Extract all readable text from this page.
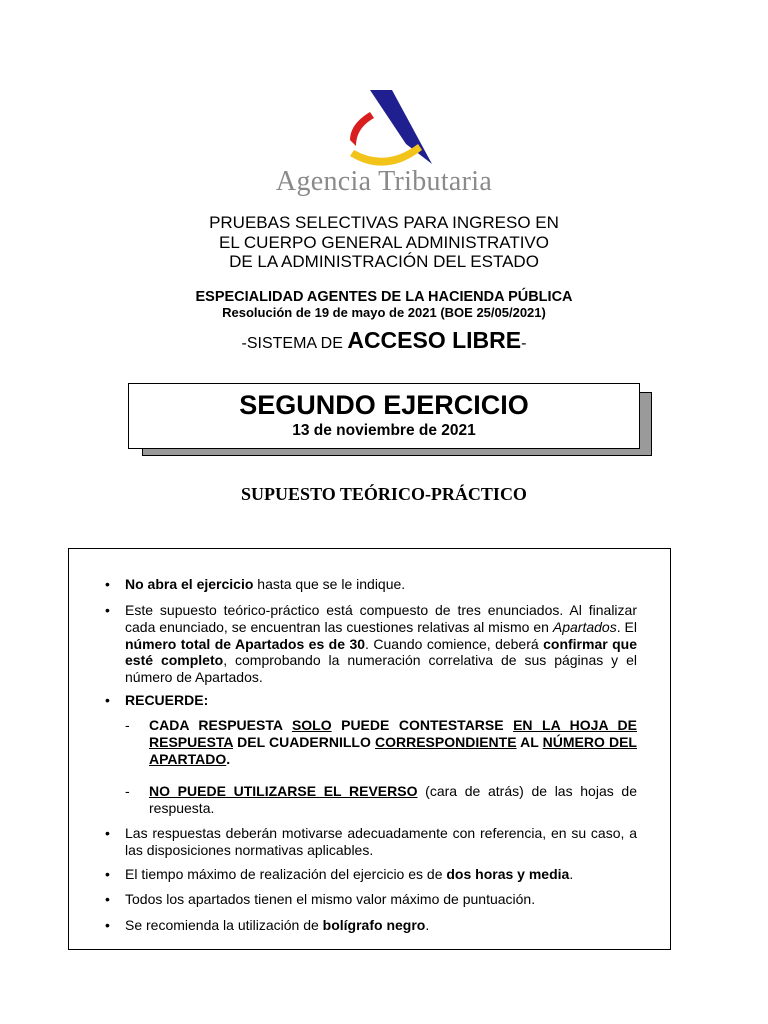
Agencia Tributaria
PRUEBAS SELECTIVAS PARA INGRESO EN
EL CUERPO GENERAL ADMINISTRATIVO
DE LA ADMINISTRACIÓN DEL ESTADO
ESPECIALIDAD AGENTES DE LA HACIENDA PÚBLICA
Resolución de 19 de mayo de 2021 (BOE 25/05/2021)
-SISTEMA DE ACCESO LIBRE-
SEGUNDO EJERCICIO
13 de noviembre de 2021
SUPUESTO TEÓRICO-PRÁCTICO
• No abra el ejercicio hasta que se le indique.
• Este supuesto teórico-práctico está compuesto de tres enunciados. Al finalizar cada enunciado, se encuentran las cuestiones relativas al mismo en Apartados. El número total de Apartados es de 30. Cuando comience, deberá confirmar que esté completo, comprobando la numeración correlativa de sus páginas y el número de Apartados.
• RECUERDE:
- CADA RESPUESTA SOLO PUEDE CONTESTARSE EN LA HOJA DE RESPUESTA DEL CUADERNILLO CORRESPONDIENTE AL NÚMERO DEL APARTADO.
- NO PUEDE UTILIZARSE EL REVERSO (cara de atrás) de las hojas de respuesta.
• Las respuestas deberán motivarse adecuadamente con referencia, en su caso, a las disposiciones normativas aplicables.
• El tiempo máximo de realización del ejercicio es de dos horas y media.
• Todos los apartados tienen el mismo valor máximo de puntuación.
• Se recomienda la utilización de bolígrafo negro.
